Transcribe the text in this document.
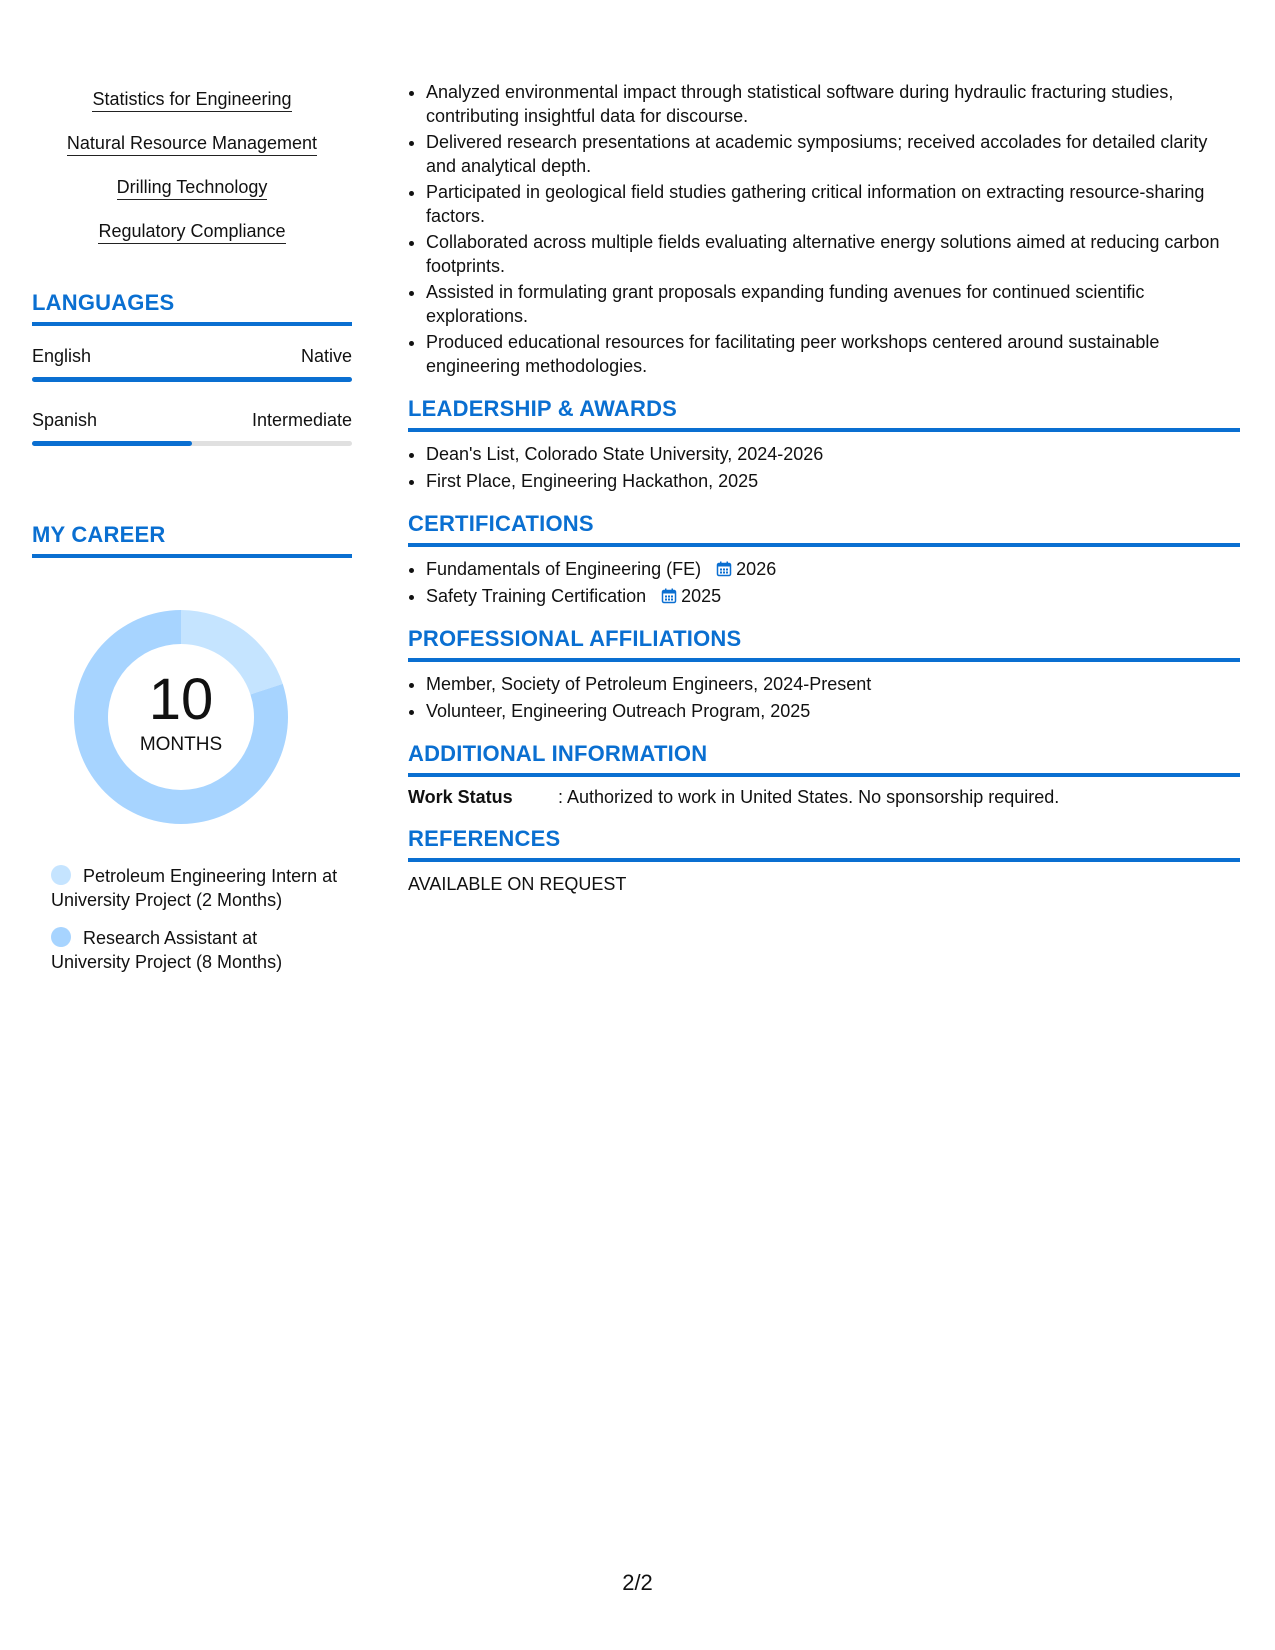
Statistics for Engineering
Natural Resource Management
Drilling Technology
Regulatory Compliance
LANGUAGES
English	Native
Spanish	Intermediate
MY CAREER
10
MONTHS
Petroleum Engineering Intern at University Project (2 Months)
Research Assistant at University Project (8 Months)
• Analyzed environmental impact through statistical software during hydraulic fracturing studies, contributing insightful data for discourse.
• Delivered research presentations at academic symposiums; received accolades for detailed clarity and analytical depth.
• Participated in geological field studies gathering critical information on extracting resource-sharing factors.
• Collaborated across multiple fields evaluating alternative energy solutions aimed at reducing carbon footprints.
• Assisted in formulating grant proposals expanding funding avenues for continued scientific explorations.
• Produced educational resources for facilitating peer workshops centered around sustainable engineering methodologies.
LEADERSHIP & AWARDS
• Dean's List, Colorado State University, 2024-2026
• First Place, Engineering Hackathon, 2025
CERTIFICATIONS
• Fundamentals of Engineering (FE) 2026
• Safety Training Certification 2025
PROFESSIONAL AFFILIATIONS
• Member, Society of Petroleum Engineers, 2024-Present
• Volunteer, Engineering Outreach Program, 2025
ADDITIONAL INFORMATION
Work Status	: Authorized to work in United States. No sponsorship required.
REFERENCES
AVAILABLE ON REQUEST
2/2
